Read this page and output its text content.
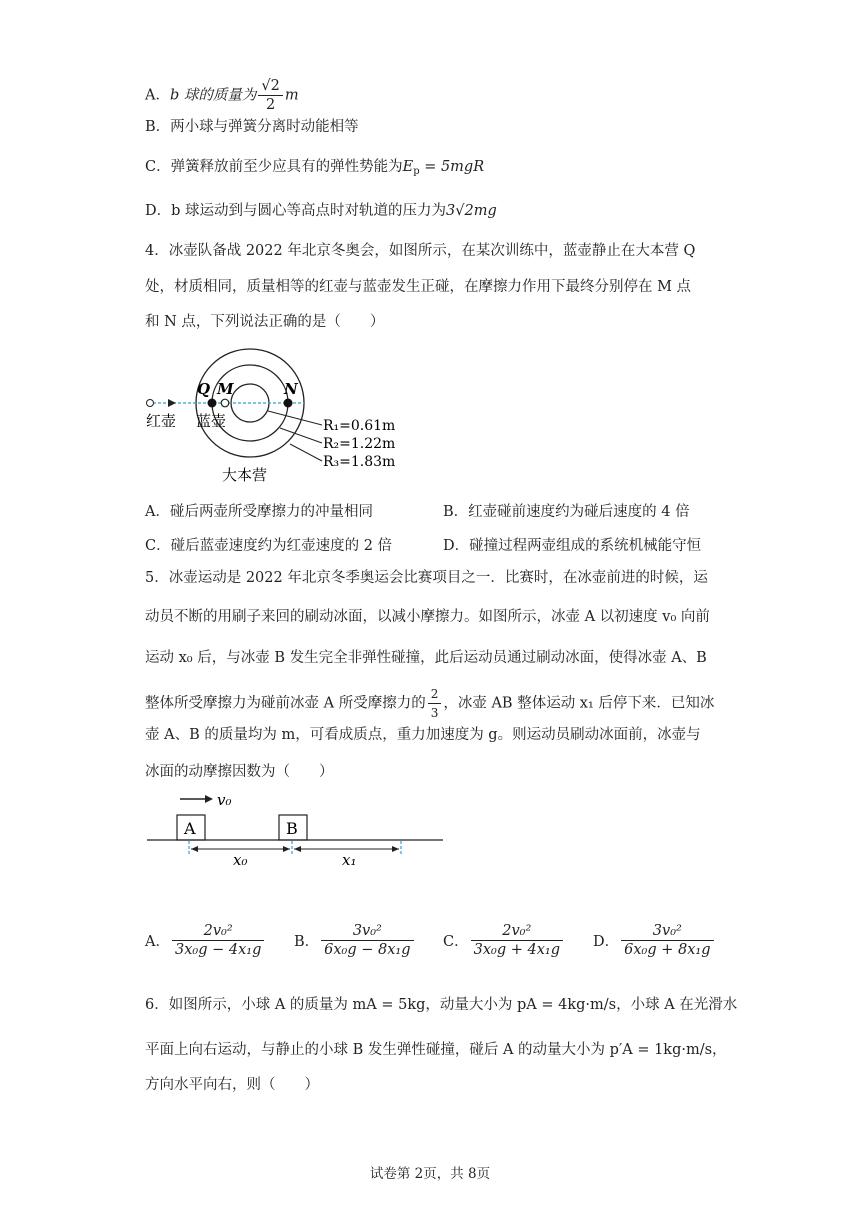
A．b 球的质量为 $\frac{√2}{2}$ m
B．两小球与弹簧分离时动能相等
C．弹簧释放前至少应具有的弹性势能为$E_p = 5mgR$
D．b 球运动到与圆心等高点时对轨道的压力为3√2mg
4．冰壶队备战 2022 年北京冬奥会，如图所示，在某次训练中，蓝壶静止在大本营 Q
处，材质相同，质量相等的红壶与蓝壶发生正碰，在摩擦力作用下最终分别停在 M 点
和 N 点，下列说法正确的是（　　）
Q M	N
红壶 蓝壶
大本营
R₁=0.61m
R₂=1.22m
R₃=1.83m
A．碰后两壶所受摩擦力的冲量相同	B．红壶碰前速度约为碰后速度的 4 倍
C．碰后蓝壶速度约为红壶速度的 2 倍	D．碰撞过程两壶组成的系统机械能守恒
5．冰壶运动是 2022 年北京冬季奥运会比赛项目之一．比赛时，在冰壶前进的时候，运
动员不断的用刷子来回的刷动冰面，以减小摩擦力。如图所示，冰壶 A 以初速度 v₀ 向前
运动 x₀ 后，与冰壶 B 发生完全非弹性碰撞，此后运动员通过刷动冰面，使得冰壶 A、B
整体所受摩擦力为碰前冰壶 A 所受摩擦力的 $\frac{2}{3}$ ，冰壶 AB 整体运动 x₁ 后停下来．已知冰
壶 A、B 的质量均为 m，可看成质点，重力加速度为 g。则运动员刷动冰面前，冰壶与
冰面的动摩擦因数为（　　）
v₀
A	B
x₀	x₁
A． $\frac{\text{2v₀²}}{\text{3x₀g − 4x₁g}}$ B． $\frac{\text{3v₀²}}{\text{6x₀g − 8x₁g}}$ C． $\frac{\text{2v₀²}}{\text{3x₀g + 4x₁g}}$ D． $\frac{\text{3v₀²}}{\text{6x₀g + 8x₁g}}$
6．如图所示，小球 A 的质量为 mA = 5kg，动量大小为 pA = 4kg·m/s，小球 A 在光滑水
平面上向右运动，与静止的小球 B 发生弹性碰撞，碰后 A 的动量大小为 p′A = 1kg·m/s，
方向水平向右，则（　　）
试卷第 2页，共 8页
